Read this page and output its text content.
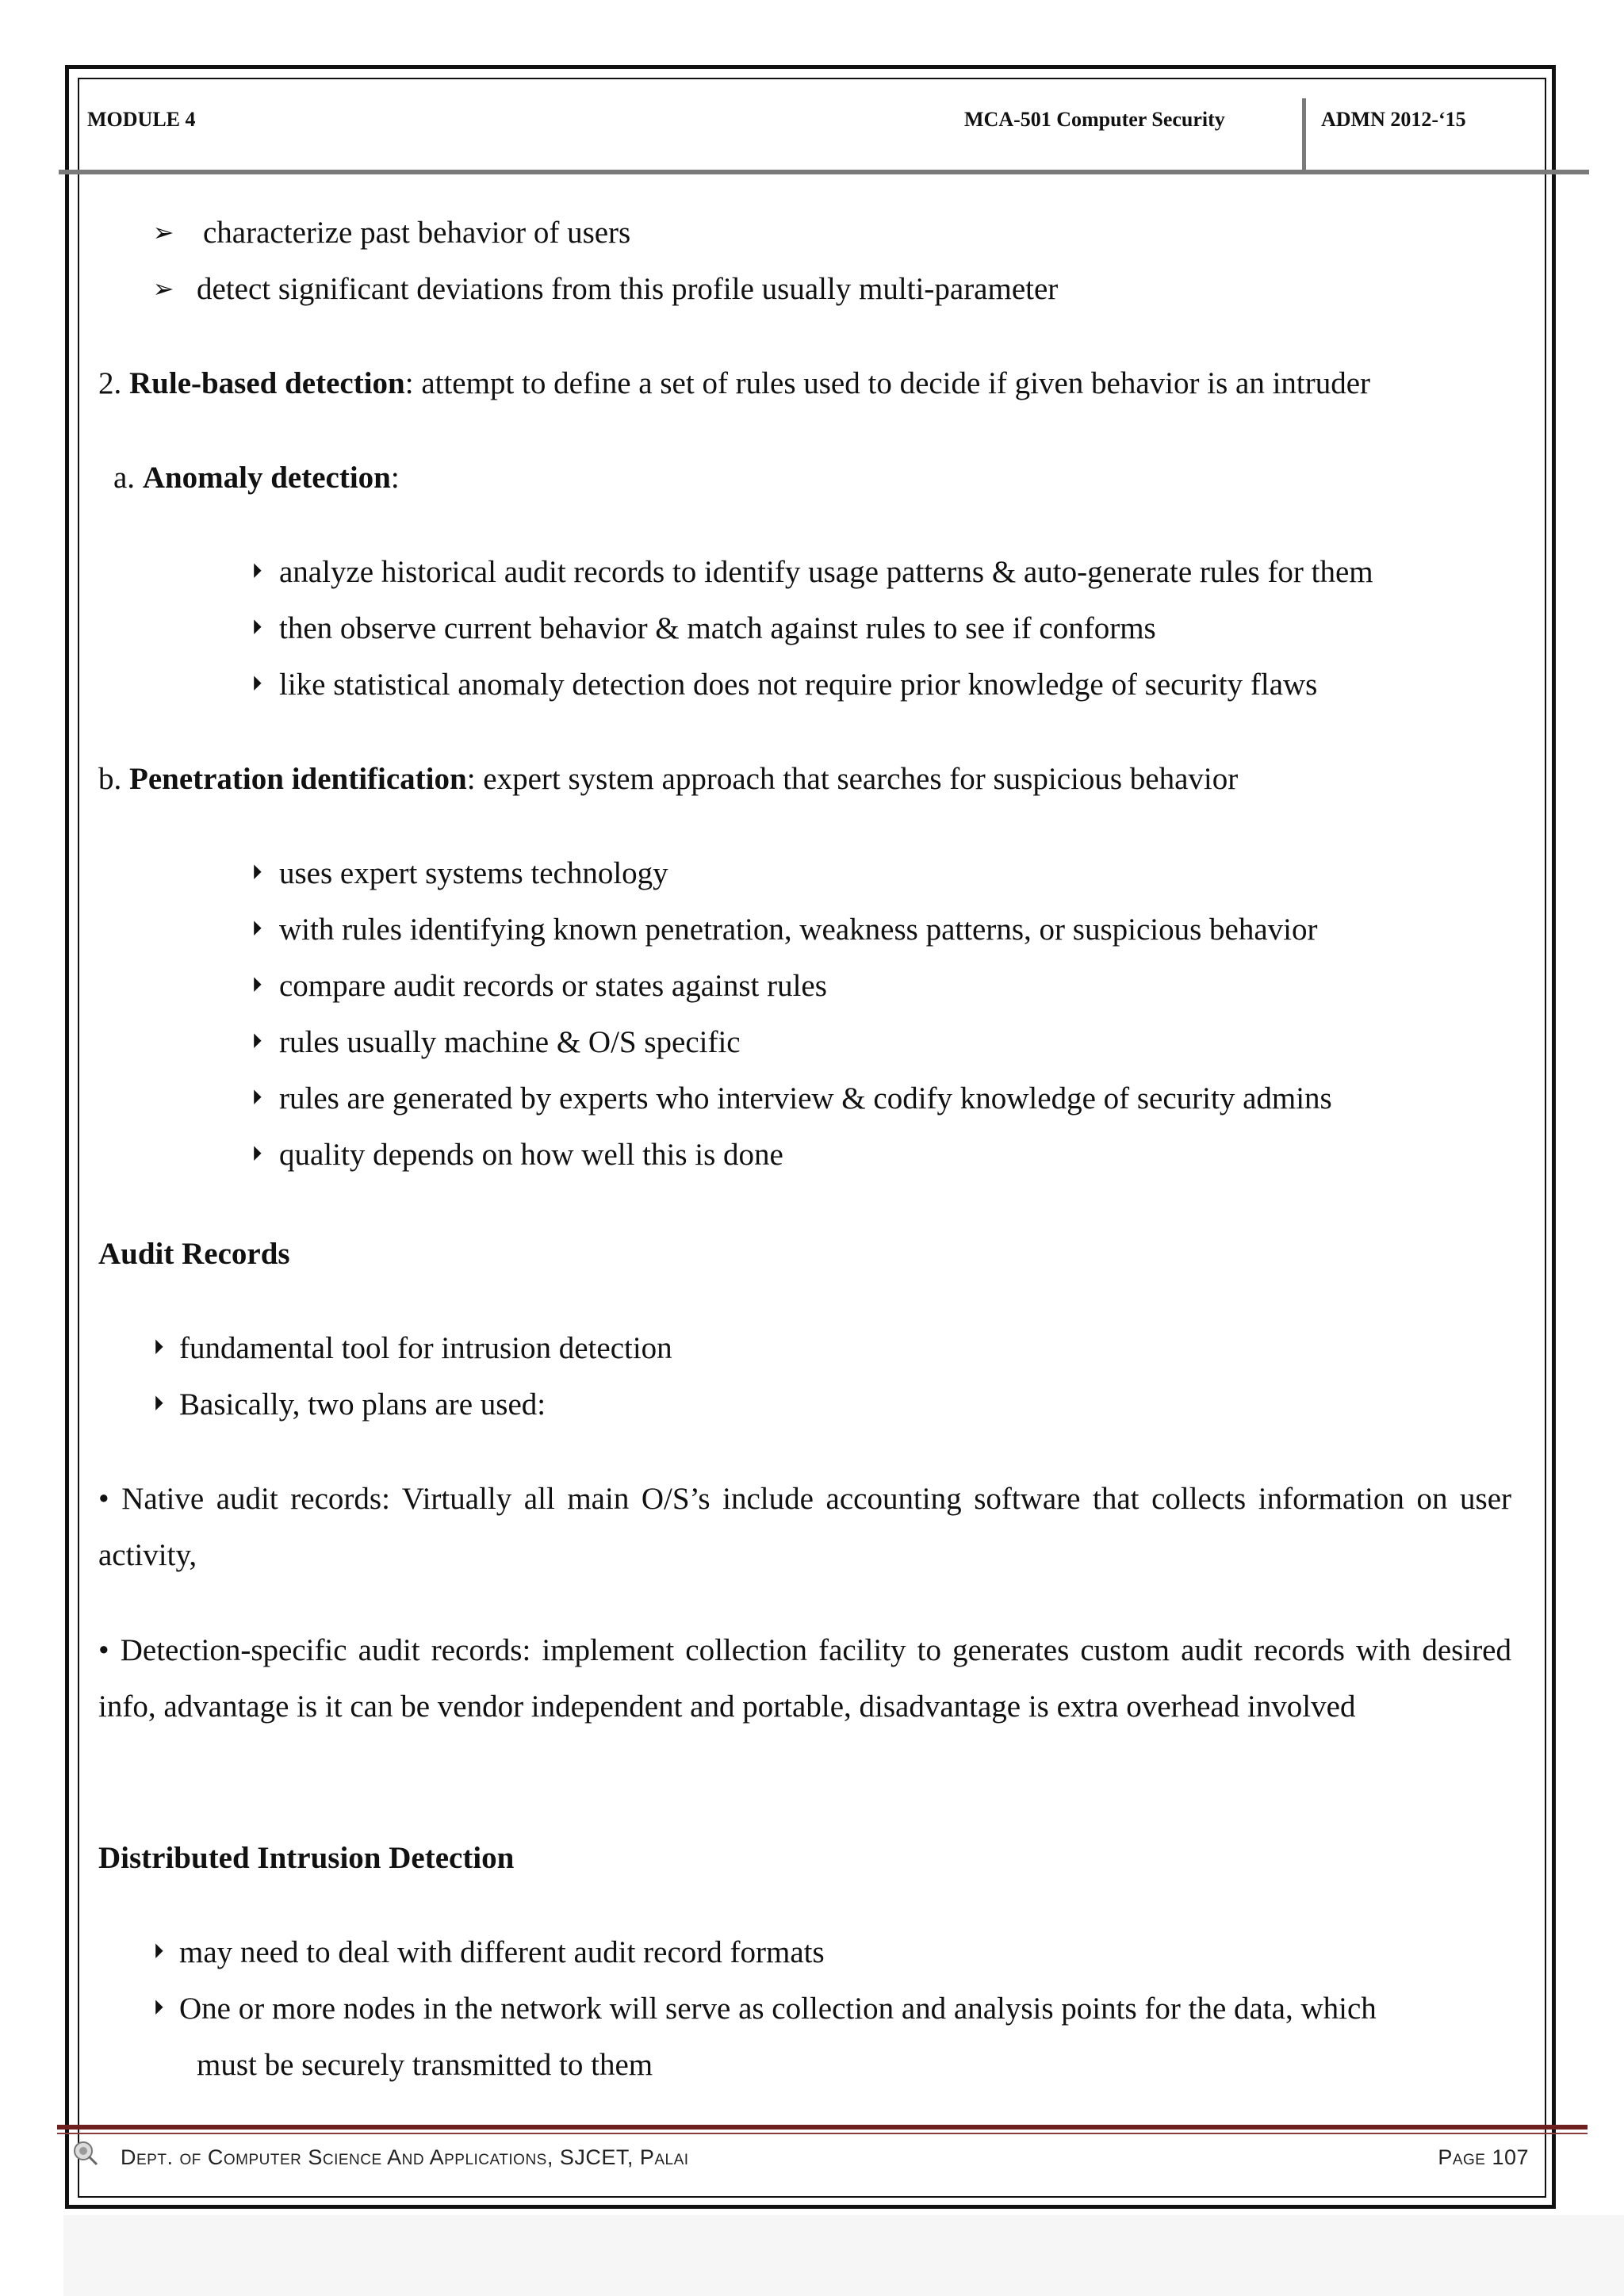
MODULE 4	MCA-501 Computer Security	ADMN 2012-‘15
➢ characterize past behavior of users
➢ detect significant deviations from this profile usually multi-parameter
2. Rule-based detection: attempt to define a set of rules used to decide if given behavior is an intruder
a. Anomaly detection:
⏵ analyze historical audit records to identify usage patterns & auto-generate rules for them
⏵ then observe current behavior & match against rules to see if conforms
⏵ like statistical anomaly detection does not require prior knowledge of security flaws
b. Penetration identification: expert system approach that searches for suspicious behavior
⏵ uses expert systems technology
⏵ with rules identifying known penetration, weakness patterns, or suspicious behavior
⏵ compare audit records or states against rules
⏵ rules usually machine & O/S specific
⏵ rules are generated by experts who interview & codify knowledge of security admins
⏵ quality depends on how well this is done
Audit Records
⏵ fundamental tool for intrusion detection
⏵ Basically, two plans are used:
• Native audit records: Virtually all main O/S’s include accounting software that collects information on user activity,
• Detection-specific audit records: implement collection facility to generates custom audit records with desired info, advantage is it can be vendor independent and portable, disadvantage is extra overhead involved
Distributed Intrusion Detection
⏵ may need to deal with different audit record formats
⏵ One or more nodes in the network will serve as collection and analysis points for the data, which
must be securely transmitted to them
Dept. of Computer Science And Applications, SJCET, Palai	Page 107
